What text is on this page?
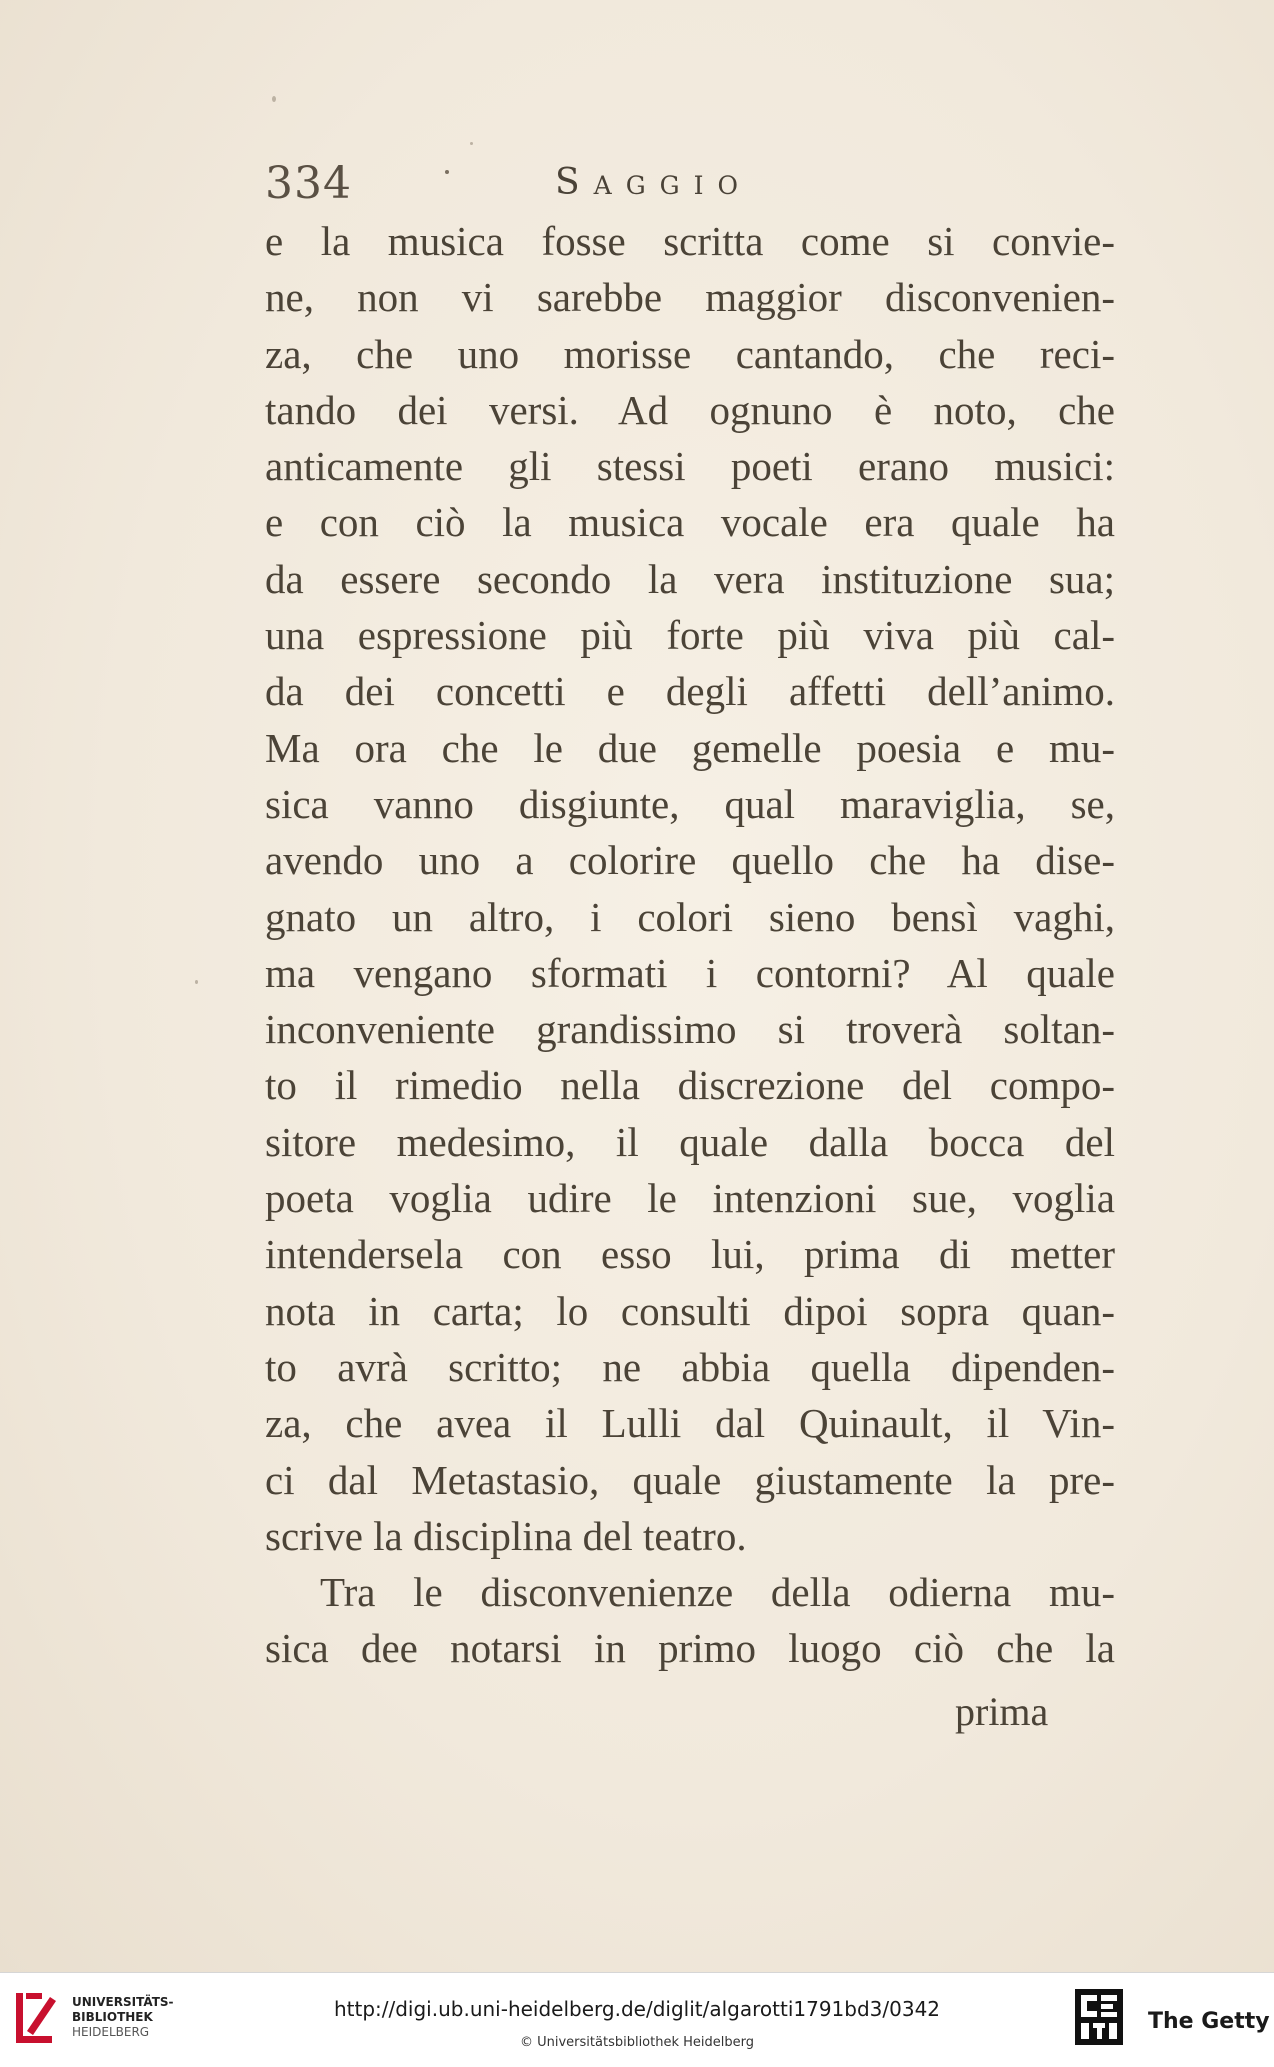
334	Saggio
e la musica fosse scritta come si convie-
ne, non vi sarebbe maggior disconvenien-
za, che uno morisse cantando, che reci-
tando dei versi. Ad ognuno è noto, che
anticamente gli stessi poeti erano musici:
e con ciò la musica vocale era quale ha
da essere secondo la vera instituzione sua;
una espressione più forte più viva più cal-
da dei concetti e degli affetti dell’animo.
Ma ora che le due gemelle poesia e mu-
sica vanno disgiunte, qual maraviglia, se,
avendo uno a colorire quello che ha dise-
gnato un altro, i colori sieno bensì vaghi,
ma vengano sformati i contorni? Al quale
inconveniente grandissimo si troverà soltan-
to il rimedio nella discrezione del compo-
sitore medesimo, il quale dalla bocca del
poeta voglia udire le intenzioni sue, voglia
intendersela con esso lui, prima di metter
nota in carta; lo consulti dipoi sopra quan-
to avrà scritto; ne abbia quella dipenden-
za, che avea il Lulli dal Quinault, il Vin-
ci dal Metastasio, quale giustamente la pre-
scrive la disciplina del teatro.
Tra le disconvenienze della odierna mu-
sica dee notarsi in primo luogo ciò che la
prima
UNIVERSITÄTS-
BIBLIOTHEK
HEIDELBERG
http://digi.ub.uni-heidelberg.de/diglit/algarotti1791bd3/0342
© Universitätsbibliothek Heidelberg
The Getty
